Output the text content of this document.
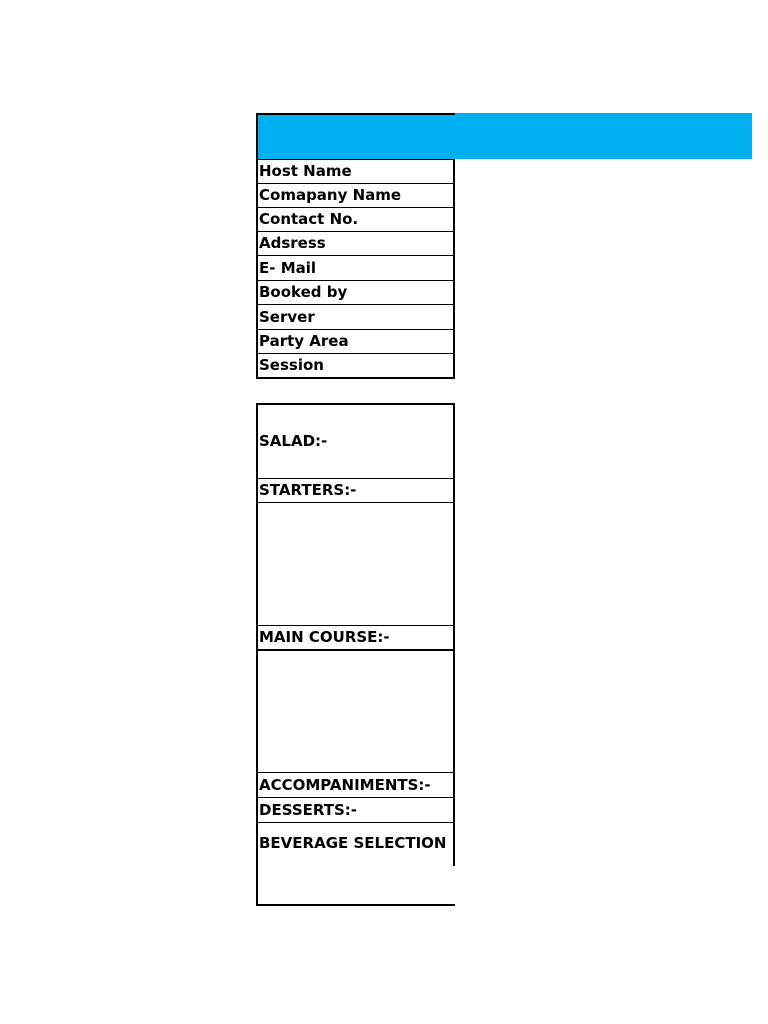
Host Name
Comapany Name
Contact No.
Adsress
E- Mail
Booked by
Server
Party Area
Session
SALAD:-
STARTERS:-
MAIN COURSE:-
ACCOMPANIMENTS:-
DESSERTS:-
BEVERAGE SELECTION
